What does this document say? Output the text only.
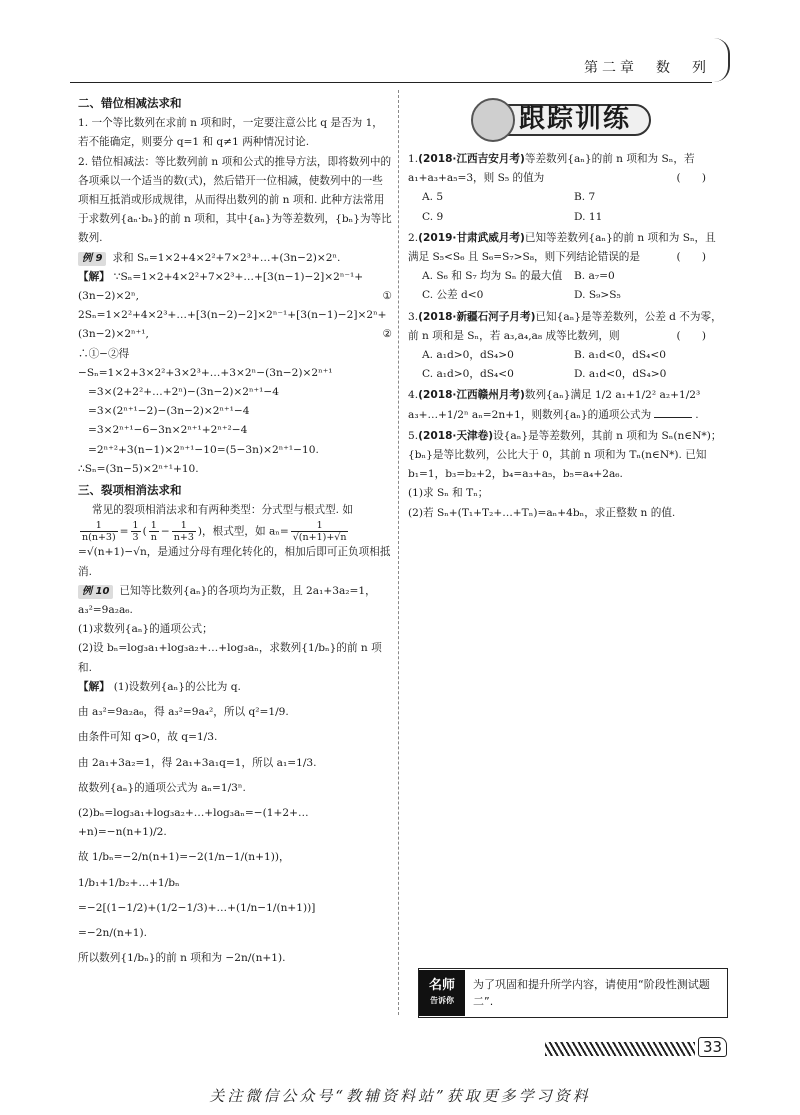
第二章　数　列
二、错位相减法求和

1. 一个等比数列在求前 n 项和时，一定要注意公比 q 是否为 1，若不能确定，则要分 q=1 和 q≠1 两种情况讨论.

2. 错位相减法：等比数列前 n 项和公式的推导方法，即将数列中的各项乘以一个适当的数(式)，然后错开一位相减，使数列中的一些项相互抵消或形成规律，从而得出数列的前 n 项和. 此种方法常用于求数列{aₙ·bₙ}的前 n 项和，其中{aₙ}为等差数列，{bₙ}为等比数列.

例 9 求和 Sₙ=1×2+4×2²+7×2³+…+(3n−2)×2ⁿ.

【解】 ∵Sₙ=1×2+4×2²+7×2³+…+[3(n−1)−2]×2ⁿ⁻¹+(3n−2)×2ⁿ,	①

2Sₙ=1×2²+4×2³+…+[3(n−2)−2]×2ⁿ⁻¹+[3(n−1)−2]×2ⁿ+(3n−2)×2ⁿ⁺¹,	②

∴①−②得

−Sₙ=1×2+3×2²+3×2³+…+3×2ⁿ−(3n−2)×2ⁿ⁺¹

=3×(2+2²+…+2ⁿ)−(3n−2)×2ⁿ⁺¹−4

=3×(2ⁿ⁺¹−2)−(3n−2)×2ⁿ⁺¹−4

=3×2ⁿ⁺¹−6−3n×2ⁿ⁺¹+2ⁿ⁺²−4

=2ⁿ⁺²+3(n−1)×2ⁿ⁺¹−10=(5−3n)×2ⁿ⁺¹−10.

∴Sₙ=(3n−5)×2ⁿ⁺¹+10.

三、裂项相消法求和

常见的裂项相消法求和有两种类型：分式型与根式型. 如

$\frac{1}{n(n+3)} = \frac{1}{3}$ ( $\frac{1}{n} - \frac{1}{n+3}$ )，根式型，如 $a_n= \frac{1}{√(n+1)+√n}$

=√(n+1)−√n，是通过分母有理化转化的，相加后即可正负项相抵消.

例 10 已知等比数列{aₙ}的各项均为正数，且 2a₁+3a₂=1，a₃²=9a₂a₆.

(1)求数列{aₙ}的通项公式；

(2)设 bₙ=log₃a₁+log₃a₂+…+log₃aₙ，求数列{1/bₙ}的前 n 项和.

【解】 (1)设数列{aₙ}的公比为 q.

由 a₃²=9a₂a₆，得 a₃²=9a₄²，所以 q²=1/9.

由条件可知 q>0，故 q=1/3.

由 2a₁+3a₂=1，得 2a₁+3a₁q=1，所以 a₁=1/3.

故数列{aₙ}的通项公式为 aₙ=1/3ⁿ.

(2)bₙ=log₃a₁+log₃a₂+…+log₃aₙ=−(1+2+…+n)=−n(n+1)/2.

故 1/bₙ=−2/n(n+1)=−2(1/n−1/(n+1))，

1/b₁+1/b₂+…+1/bₙ

=−2[(1−1/2)+(1/2−1/3)+…+(1/n−1/(n+1))]

=−2n/(n+1).

所以数列{1/bₙ}的前 n 项和为 −2n/(n+1).

跟踪训练
1.(2018·江西吉安月考)等差数列{aₙ}的前 n 项和为 Sₙ，若 a₁+a₃+a₅=3，则 S₅ 的值为	(　　)
A. 5	B. 7
C. 9	D. 11
2.(2019·甘肃武威月考)已知等差数列{aₙ}的前 n 项和为 Sₙ，且满足 S₅<S₆ 且 S₆=S₇>S₈，则下列结论错误的是	(　　)
A. S₆ 和 S₇ 均为 Sₙ 的最大值	B. a₇=0
C. 公差 d<0	D. S₉>S₅
3.(2018·新疆石河子月考)已知{aₙ}是等差数列，公差 d 不为零，前 n 项和是 Sₙ，若 a₃,a₄,a₈ 成等比数列，则	(　　)
A. a₁d>0，dS₄>0	B. a₁d<0，dS₄<0
C. a₁d>0，dS₄<0	D. a₁d<0，dS₄>0
4.(2018·江西赣州月考)数列{aₙ}满足 1/2 a₁+1/2² a₂+1/2³ a₃+…+1/2ⁿ aₙ=2n+1，则数列{aₙ}的通项公式为	.
5.(2018·天津卷)设{aₙ}是等差数列，其前 n 项和为 Sₙ(n∈N*)；{bₙ}是等比数列，公比大于 0，其前 n 项和为 Tₙ(n∈N*). 已知 b₁=1，b₃=b₂+2，b₄=a₃+a₅，b₅=a₄+2a₆.
(1)求 Sₙ 和 Tₙ；
(2)若 Sₙ+(T₁+T₂+…+Tₙ)=aₙ+4bₙ，求正整数 n 的值.
名师
告诉你
为了巩固和提升所学内容，请使用“阶段性测试题二”.
33
关注微信公众号“教辅资料站”获取更多学习资料
